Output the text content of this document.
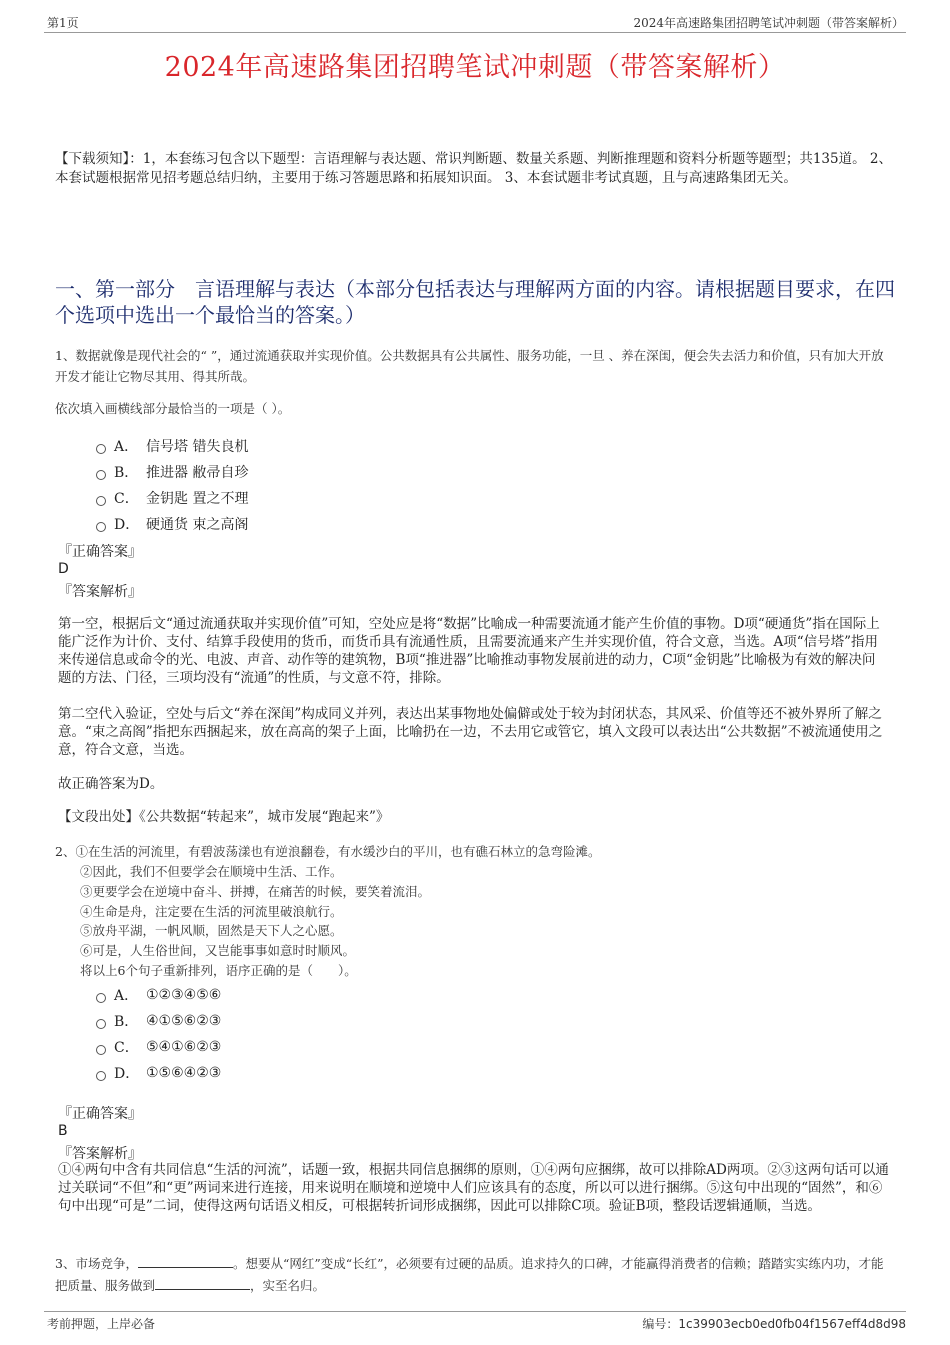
第1页	2024年高速路集团招聘笔试冲刺题（带答案解析）
2024年高速路集团招聘笔试冲刺题（带答案解析）
【下载须知】：1，本套练习包含以下题型：言语理解与表达题、常识判断题、数量关系题、判断推理题和资料分析题等题型；共135道。 2、本套试题根据常见招考题总结归纳，主要用于练习答题思路和拓展知识面。 3、本套试题非考试真题，且与高速路集团无关。
一、第一部分　言语理解与表达（本部分包括表达与理解两方面的内容。请根据题目要求，在四个选项中选出一个最恰当的答案。）
1、数据就像是现代社会的“ ”，通过流通获取并实现价值。公共数据具有公共属性、服务功能，一旦 、养在深闺，便会失去活力和价值，只有加大开放开发才能让它物尽其用、得其所哉。
依次填入画横线部分最恰当的一项是（ ）。
A． 信号塔 错失良机
B． 推进器 敝帚自珍
C． 金钥匙 置之不理
D． 硬通货 束之高阁
『正确答案』
D
『答案解析』
第一空，根据后文“通过流通获取并实现价值”可知，空处应是将“数据”比喻成一种需要流通才能产生价值的事物。D项“硬通货”指在国际上能广泛作为计价、支付、结算手段使用的货币，而货币具有流通性质，且需要流通来产生并实现价值，符合文意，当选。A项“信号塔”指用来传递信息或命令的光、电波、声音、动作等的建筑物，B项“推进器”比喻推动事物发展前进的动力，C项“金钥匙”比喻极为有效的解决问题的方法、门径，三项均没有“流通”的性质，与文意不符，排除。
第二空代入验证，空处与后文“养在深闺”构成同义并列，表达出某事物地处偏僻或处于较为封闭状态，其风采、价值等还不被外界所了解之意。“束之高阁”指把东西捆起来，放在高高的架子上面，比喻扔在一边，不去用它或管它，填入文段可以表达出“公共数据”不被流通使用之意，符合文意，当选。
故正确答案为D。
【文段出处】《公共数据“转起来”，城市发展“跑起来”》
2、①在生活的河流里，有碧波荡漾也有逆浪翻卷，有水缓沙白的平川，也有礁石林立的急弯险滩。
②因此，我们不但要学会在顺境中生活、工作。
③更要学会在逆境中奋斗、拼搏，在痛苦的时候，要笑着流泪。
④生命是舟，注定要在生活的河流里破浪航行。
⑤放舟平湖，一帆风顺，固然是天下人之心愿。
⑥可是，人生俗世间，又岂能事事如意时时顺风。
将以上6个句子重新排列，语序正确的是（　　）。
A． ①②③④⑤⑥
B． ④①⑤⑥②③
C． ⑤④①⑥②③
D． ①⑤⑥④②③
『正确答案』
B
『答案解析』
①④两句中含有共同信息“生活的河流”，话题一致，根据共同信息捆绑的原则，①④两句应捆绑，故可以排除AD两项。②③这两句话可以通过关联词“不但”和“更”两词来进行连接，用来说明在顺境和逆境中人们应该具有的态度，所以可以进行捆绑。⑤这句中出现的“固然”，和⑥句中出现“可是”二词，使得这两句话语义相反，可根据转折词形成捆绑，因此可以排除C项。验证B项，整段话逻辑通顺，当选。
3、市场竞争，	。想要从“网红”变成“长红”，必须要有过硬的品质。追求持久的口碑，才能赢得消费者的信赖；踏踏实实练内功，才能把质量、服务做到	，实至名归。
考前押题，上岸必备	编号：1c39903ecb0ed0fb04f1567eff4d8d98
